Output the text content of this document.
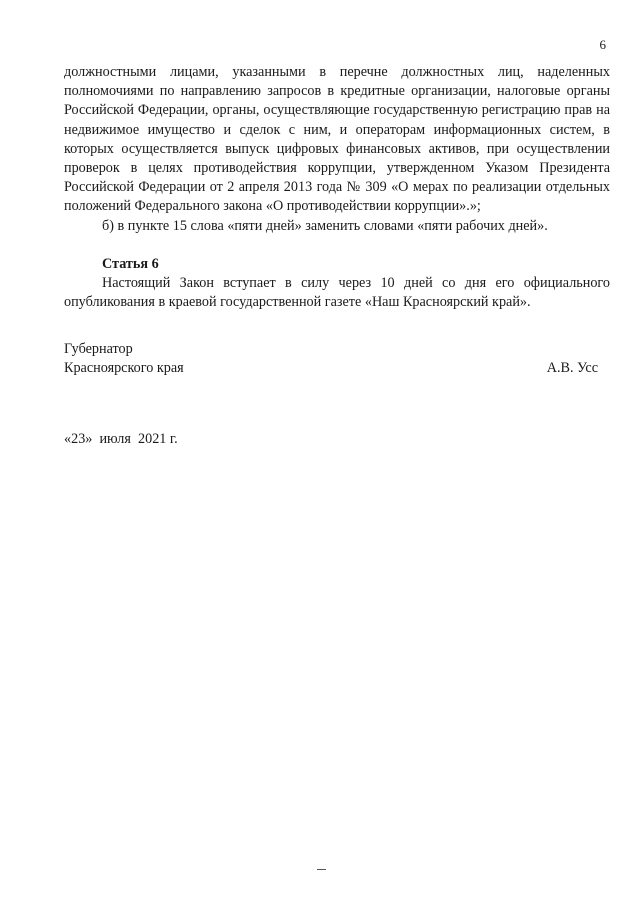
6

должностными лицами, указанными в перечне должностных лиц, наделенных полномочиями по направлению запросов в кредитные организации, налоговые органы Российской Федерации, органы, осуществляющие государственную регистрацию прав на недвижимое имущество и сделок с ним, и операторам информационных систем, в которых осуществляется выпуск цифровых финансовых активов, при осуществлении проверок в целях противодействия коррупции, утвержденном Указом Президента Российской Федерации от 2 апреля 2013 года № 309 «О мерах по реализации отдельных положений Федерального закона «О противодействии коррупции».»;

б) в пункте 15 слова «пяти дней» заменить словами «пяти рабочих дней».

Статья 6

Настоящий Закон вступает в силу через 10 дней со дня его официального опубликования в краевой государственной газете «Наш Красноярский край».

Губернатор
Красноярского края	А.В. Усс
«23»  июля  2021 г.
